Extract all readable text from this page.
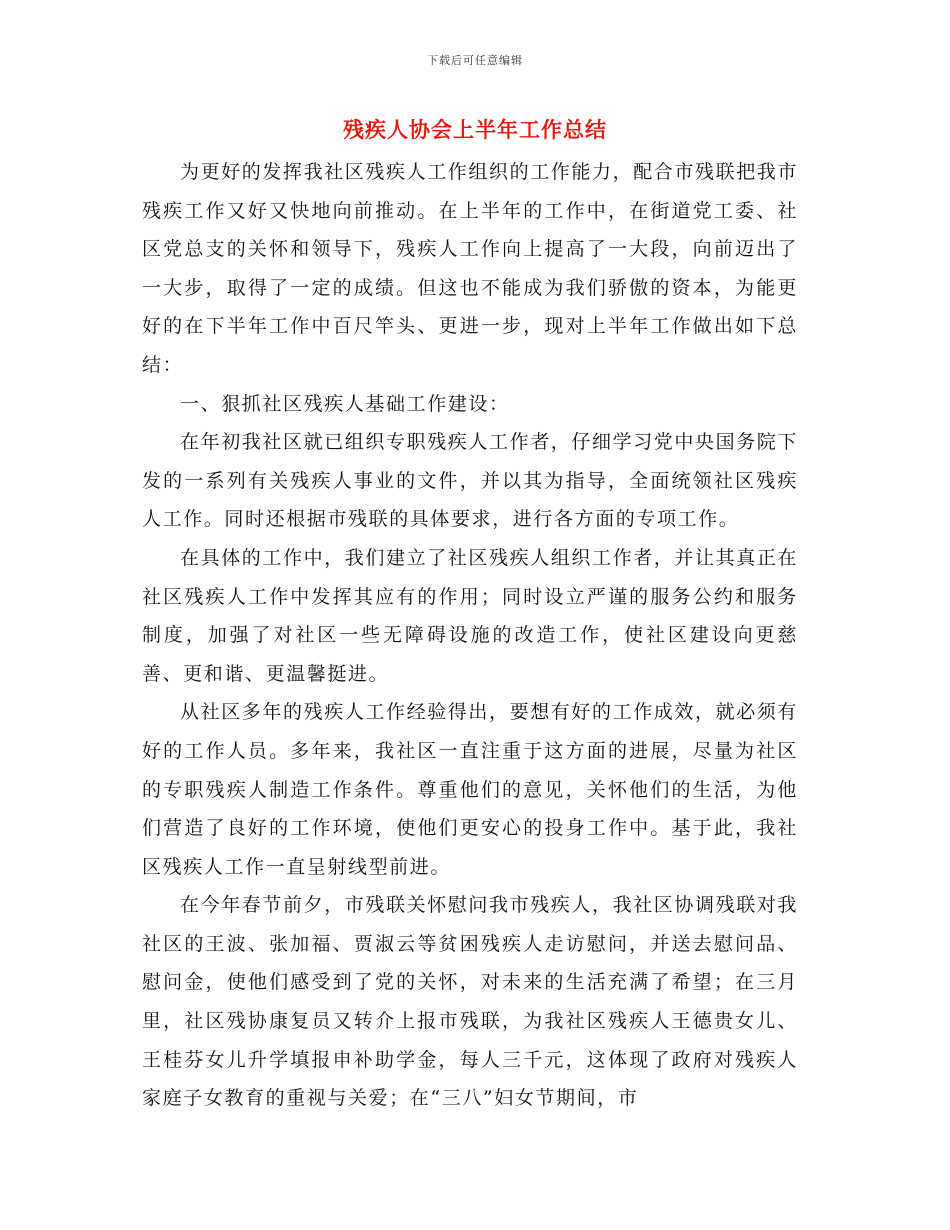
下载后可任意编辑
残疾人协会上半年工作总结

为更好的发挥我社区残疾人工作组织的工作能力，配合市残联把我市残疾工作又好又快地向前推动。在上半年的工作中，在街道党工委、社区党总支的关怀和领导下，残疾人工作向上提高了一大段，向前迈出了一大步，取得了一定的成绩。但这也不能成为我们骄傲的资本，为能更好的在下半年工作中百尺竿头、更进一步，现对上半年工作做出如下总结：

一、狠抓社区残疾人基础工作建设：

在年初我社区就已组织专职残疾人工作者，仔细学习党中央国务院下发的一系列有关残疾人事业的文件，并以其为指导，全面统领社区残疾人工作。同时还根据市残联的具体要求，进行各方面的专项工作。

在具体的工作中，我们建立了社区残疾人组织工作者，并让其真正在社区残疾人工作中发挥其应有的作用；同时设立严谨的服务公约和服务制度，加强了对社区一些无障碍设施的改造工作，使社区建设向更慈善、更和谐、更温馨挺进。

从社区多年的残疾人工作经验得出，要想有好的工作成效，就必须有好的工作人员。多年来，我社区一直注重于这方面的进展，尽量为社区的专职残疾人制造工作条件。尊重他们的意见，关怀他们的生活，为他们营造了良好的工作环境，使他们更安心的投身工作中。基于此，我社区残疾人工作一直呈射线型前进。

在今年春节前夕，市残联关怀慰问我市残疾人，我社区协调残联对我社区的王波、张加福、贾淑云等贫困残疾人走访慰问，并送去慰问品、慰问金，使他们感受到了党的关怀，对未来的生活充满了希望；在三月里，社区残协康复员又转介上报市残联，为我社区残疾人王德贵女儿、王桂芬女儿升学填报申补助学金，每人三千元，这体现了政府对残疾人家庭子女教育的重视与关爱；在“三八”妇女节期间，市
